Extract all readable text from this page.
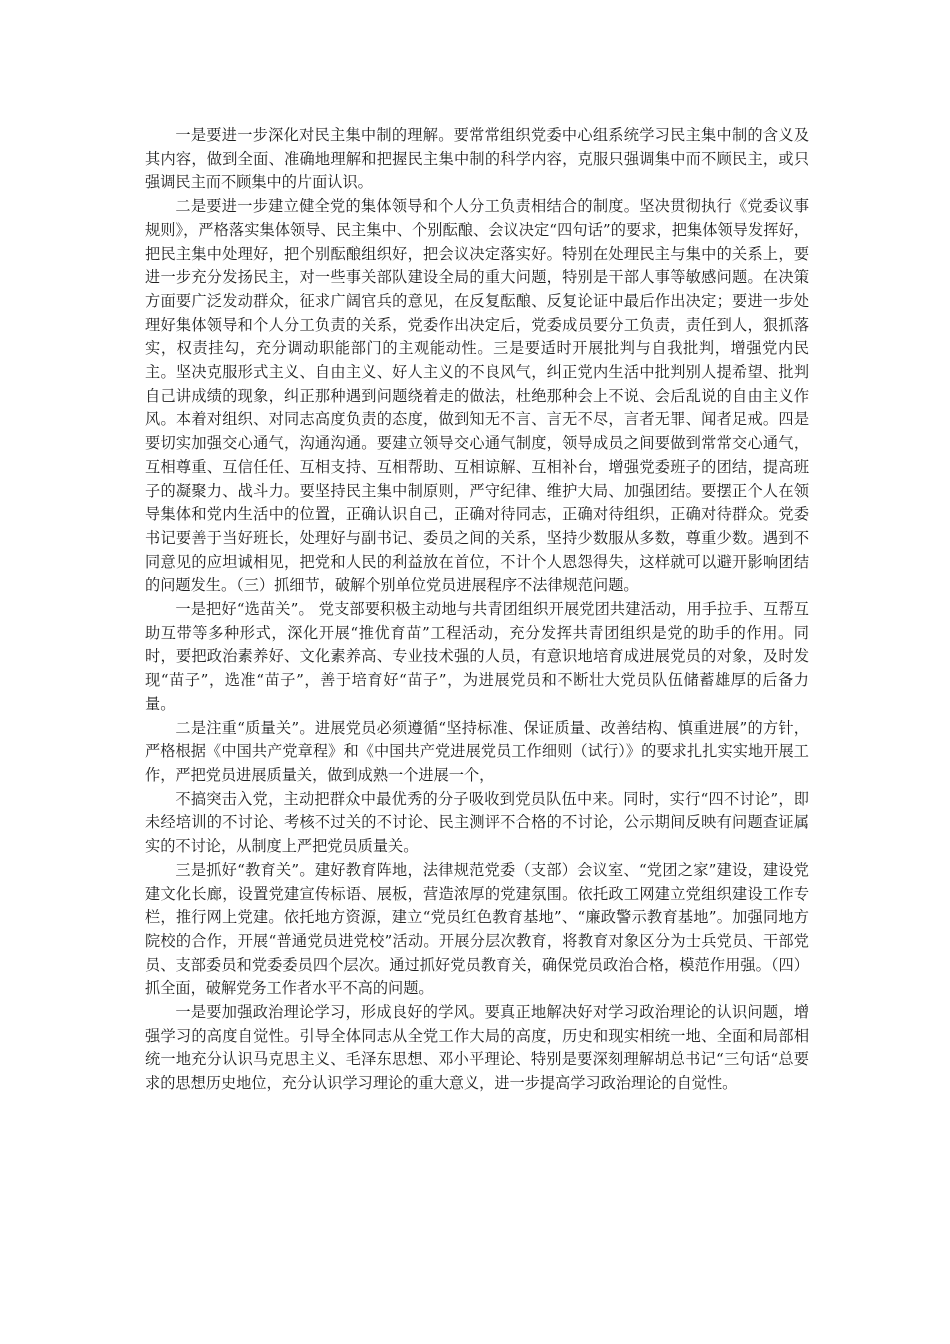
一是要进一步深化对民主集中制的理解。要常常组织党委中心组系统学习民主集中制的含义及其内容，做到全面、准确地理解和把握民主集中制的科学内容，克服只强调集中而不顾民主，或只强调民主而不顾集中的片面认识。

二是要进一步建立健全党的集体领导和个人分工负责相结合的制度。坚决贯彻执行《党委议事规则》，严格落实集体领导、民主集中、个别酝酿、会议决定“四句话”的要求，把集体领导发挥好，把民主集中处理好，把个别酝酿组织好，把会议决定落实好。特别在处理民主与集中的关系上，要进一步充分发扬民主，对一些事关部队建设全局的重大问题，特别是干部人事等敏感问题。在决策方面要广泛发动群众，征求广阔官兵的意见，在反复酝酿、反复论证中最后作出决定；要进一步处理好集体领导和个人分工负责的关系，党委作出决定后，党委成员要分工负责，责任到人，狠抓落实，权责挂勾，充分调动职能部门的主观能动性。三是要适时开展批判与自我批判，增强党内民主。坚决克服形式主义、自由主义、好人主义的不良风气，纠正党内生活中批判别人提希望、批判自己讲成绩的现象，纠正那种遇到问题绕着走的做法，杜绝那种会上不说、会后乱说的自由主义作风。本着对组织、对同志高度负责的态度，做到知无不言、言无不尽，言者无罪、闻者足戒。四是要切实加强交心通气，沟通沟通。要建立领导交心通气制度，领导成员之间要做到常常交心通气，互相尊重、互信任任、互相支持、互相帮助、互相谅解、互相补台，增强党委班子的团结，提高班子的凝聚力、战斗力。要坚持民主集中制原则，严守纪律、维护大局、加强团结。要摆正个人在领导集体和党内生活中的位置，正确认识自己，正确对待同志，正确对待组织，正确对待群众。党委书记要善于当好班长，处理好与副书记、委员之间的关系，坚持少数服从多数，尊重少数。遇到不同意见的应坦诚相见，把党和人民的利益放在首位，不计个人恩怨得失，这样就可以避开影响团结的问题发生。（三）抓细节，破解个别单位党员进展程序不法律规范问题。

一是把好“选苗关”。 党支部要积极主动地与共青团组织开展党团共建活动，用手拉手、互帮互助互带等多种形式，深化开展“推优育苗”工程活动，充分发挥共青团组织是党的助手的作用。同时，要把政治素养好、文化素养高、专业技术强的人员，有意识地培育成进展党员的对象，及时发现“苗子”，选准“苗子”，善于培育好“苗子”，为进展党员和不断壮大党员队伍储蓄雄厚的后备力量。

二是注重“质量关”。进展党员必须遵循“坚持标准、保证质量、改善结构、慎重进展”的方针，严格根据《中国共产党章程》和《中国共产党进展党员工作细则（试行）》的要求扎扎实实地开展工作，严把党员进展质量关，做到成熟一个进展一个，

不搞突击入党，主动把群众中最优秀的分子吸收到党员队伍中来。同时，实行“四不讨论”，即未经培训的不讨论、考核不过关的不讨论、民主测评不合格的不讨论，公示期间反映有问题查证属实的不讨论，从制度上严把党员质量关。

三是抓好“教育关”。建好教育阵地，法律规范党委（支部）会议室、“党团之家”建设，建设党建文化长廊，设置党建宣传标语、展板，营造浓厚的党建氛围。依托政工网建立党组织建设工作专栏，推行网上党建。依托地方资源，建立“党员红色教育基地”、“廉政警示教育基地”。加强同地方院校的合作，开展“普通党员进党校”活动。开展分层次教育，将教育对象区分为士兵党员、干部党员、支部委员和党委委员四个层次。通过抓好党员教育关，确保党员政治合格，模范作用强。（四）抓全面，破解党务工作者水平不高的问题。

一是要加强政治理论学习，形成良好的学风。要真正地解决好对学习政治理论的认识问题，增强学习的高度自觉性。引导全体同志从全党工作大局的高度，历史和现实相统一地、全面和局部相统一地充分认识马克思主义、毛泽东思想、邓小平理论、特别是要深刻理解胡总书记“三句话“总要求的思想历史地位，充分认识学习理论的重大意义，进一步提高学习政治理论的自觉性。
